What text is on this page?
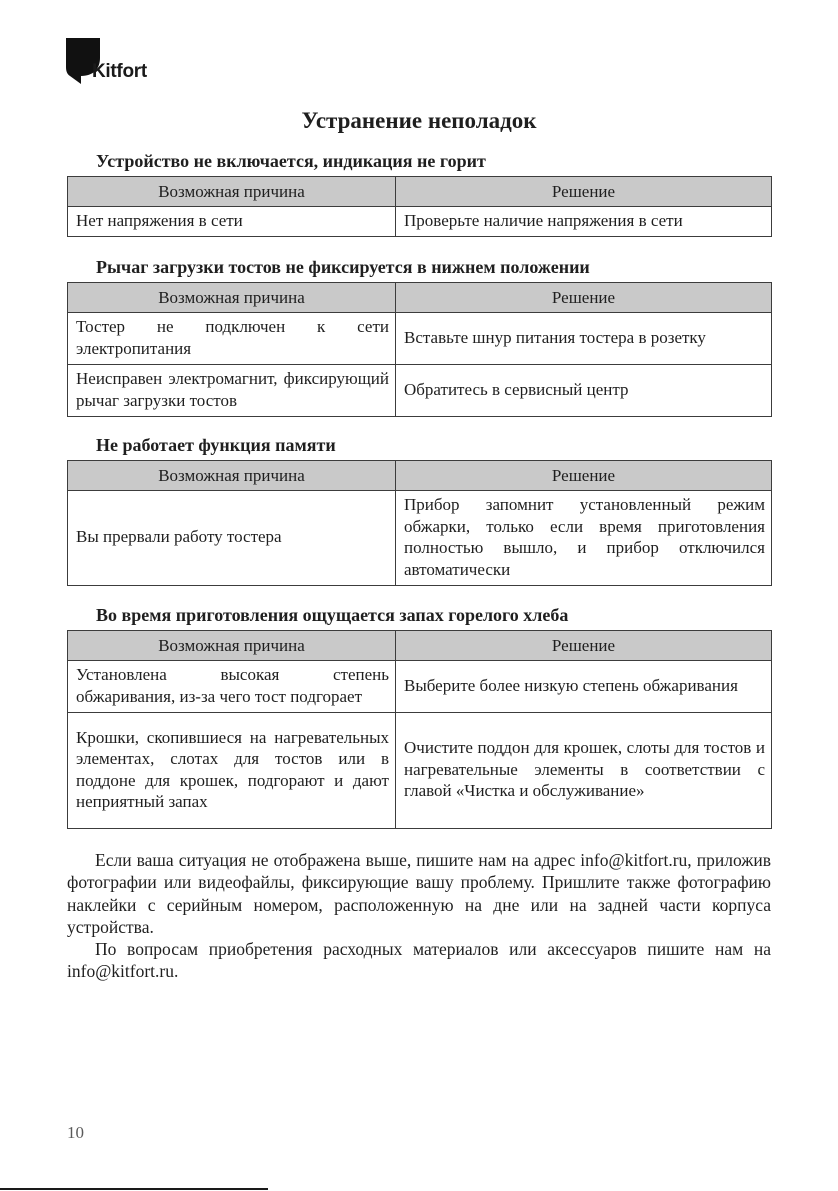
Kitfort
Устранение неполадок
Устройство не включается, индикация не горит
Возможная причина	Решение
Нет напряжения в сети	Проверьте наличие напряжения в сети
Рычаг загрузки тостов не фиксируется в нижнем положении
Возможная причина	Решение
Тостер не подключен к сети электропитания	Вставьте шнур питания тостера в розетку
Неисправен электромагнит, фиксирующий рычаг загрузки тостов	Обратитесь в сервисный центр
Не работает функция памяти
Возможная причина	Решение
Вы прервали работу тостера	Прибор запомнит установленный режим обжарки, только если время приготовления полностью вышло, и прибор отключился автоматически
Во время приготовления ощущается запах горелого хлеба
Возможная причина	Решение
Установлена высокая степень обжаривания, из-за чего тост подгорает	Выберите более низкую степень обжаривания
Крошки, скопившиеся на нагревательных элементах, слотах для тостов или в поддоне для крошек, подгорают и дают неприятный запах	Очистите поддон для крошек, слоты для тостов и нагревательные элементы в соответствии с главой «Чистка и обслуживание»

Если ваша ситуация не отображена выше, пишите нам на адрес info@kitfort.ru, приложив фотографии или видеофайлы, фиксирующие вашу проблему. Пришлите также фотографию наклейки с серийным номером, расположенную на дне или на задней части корпуса устройства.

По вопросам приобретения расходных материалов или аксессуаров пишите нам на info@kitfort.ru.

10
